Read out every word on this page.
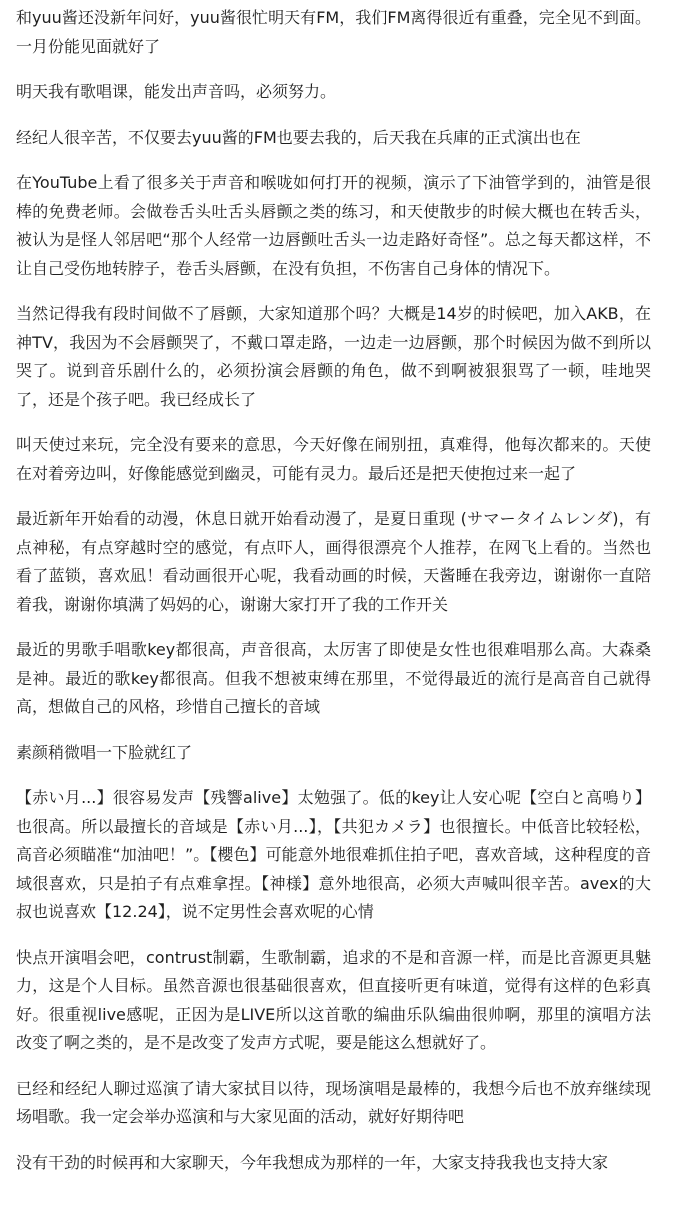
和yuu酱还没新年问好，yuu酱很忙明天有FM，我们FM离得很近有重叠，完全见不到面。一月份能见面就好了

明天我有歌唱课，能发出声音吗，必须努力。

经纪人很辛苦，不仅要去yuu酱的FM也要去我的，后天我在兵庫的正式演出也在

在YouTube上看了很多关于声音和喉咙如何打开的视频，演示了下油管学到的，油管是很棒的免费老师。会做卷舌头吐舌头唇颤之类的练习，和天使散步的时候大概也在转舌头，被认为是怪人邻居吧“那个人经常一边唇颤吐舌头一边走路好奇怪”。总之每天都这样，不让自己受伤地转脖子，卷舌头唇颤，在没有负担，不伤害自己身体的情况下。

当然记得我有段时间做不了唇颤，大家知道那个吗？大概是14岁的时候吧，加入AKB，在神TV，我因为不会唇颤哭了，不戴口罩走路，一边走一边唇颤，那个时候因为做不到所以哭了。说到音乐剧什么的，必须扮演会唇颤的角色，做不到啊被狠狠骂了一顿，哇地哭了，还是个孩子吧。我已经成长了

叫天使过来玩，完全没有要来的意思，今天好像在闹别扭，真难得，他每次都来的。天使在对着旁边叫，好像能感觉到幽灵，可能有灵力。最后还是把天使抱过来一起了

最近新年开始看的动漫，休息日就开始看动漫了，是夏日重现 (サマータイムレンダ)，有点神秘，有点穿越时空的感觉，有点吓人，画得很漂亮个人推荐，在网飞上看的。当然也看了蓝锁，喜欢凪！看动画很开心呢，我看动画的时候，天酱睡在我旁边，谢谢你一直陪着我，谢谢你填满了妈妈的心，谢谢大家打开了我的工作开关

最近的男歌手唱歌key都很高，声音很高，太厉害了即使是女性也很难唱那么高。大森桑是神。最近的歌key都很高。但我不想被束缚在那里，不觉得最近的流行是高音自己就得高，想做自己的风格，珍惜自己擅长的音域

素颜稍微唱一下脸就红了

【赤い月...】很容易发声【残響alive】太勉强了。低的key让人安心呢【空白と高鳴り】也很高。所以最擅长的音域是【赤い月...】，【共犯カメラ】也很擅长。中低音比较轻松，高音必须瞄准“加油吧！”。【櫻色】可能意外地很难抓住拍子吧，喜欢音域，这种程度的音域很喜欢，只是拍子有点难拿捏。【神様】意外地很高，必须大声喊叫很辛苦。avex的大叔也说喜欢【12.24】，说不定男性会喜欢呢的心情

快点开演唱会吧，contrust制霸，生歌制霸，追求的不是和音源一样，而是比音源更具魅力，这是个人目标。虽然音源也很基础很喜欢，但直接听更有味道，觉得有这样的色彩真好。很重视live感呢，正因为是LIVE所以这首歌的编曲乐队编曲很帅啊，那里的演唱方法改变了啊之类的，是不是改变了发声方式呢，要是能这么想就好了。

已经和经纪人聊过巡演了请大家拭目以待，现场演唱是最棒的，我想今后也不放弃继续现场唱歌。我一定会举办巡演和与大家见面的活动，就好好期待吧

没有干劲的时候再和大家聊天，今年我想成为那样的一年，大家支持我我也支持大家
